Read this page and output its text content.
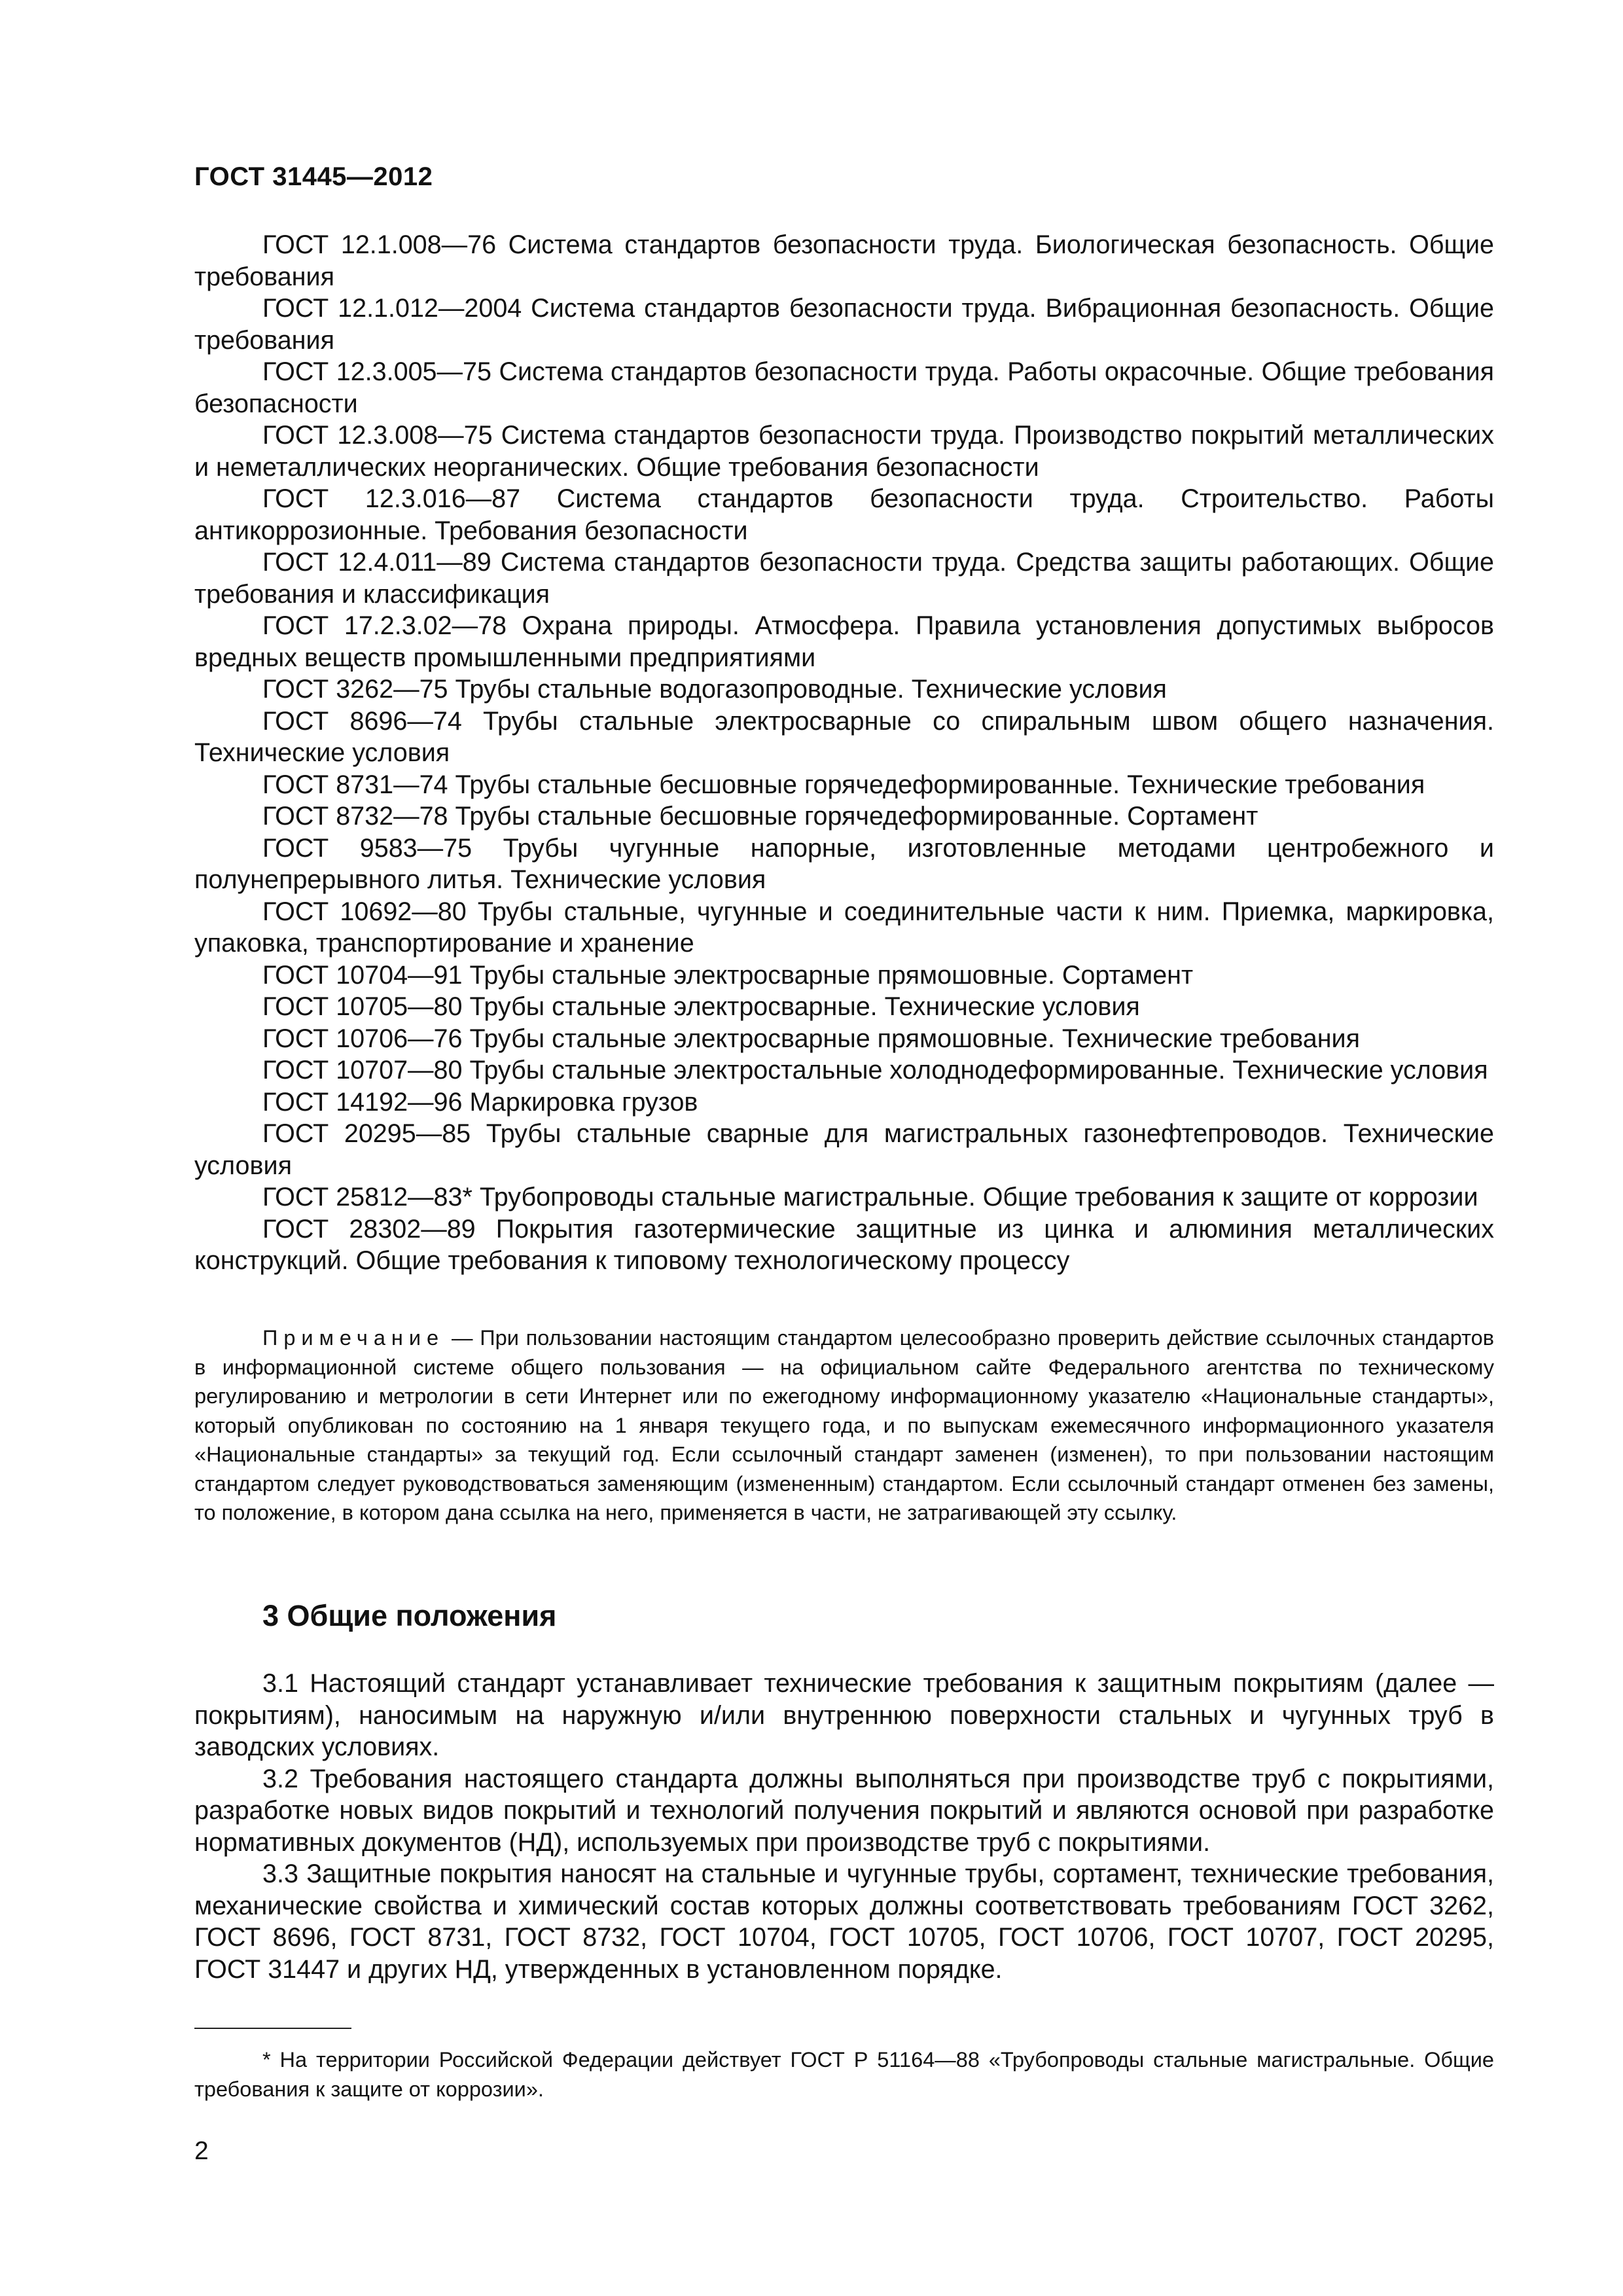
ГОСТ 31445—2012

ГОСТ 12.1.008—76 Система стандартов безопасности труда. Биологическая безопасность. Общие требования

ГОСТ 12.1.012—2004 Система стандартов безопасности труда. Вибрационная безопасность. Общие требования

ГОСТ 12.3.005—75 Система стандартов безопасности труда. Работы окрасочные. Общие требования безопасности

ГОСТ 12.3.008—75 Система стандартов безопасности труда. Производство покрытий металлических и неметаллических неорганических. Общие требования безопасности

ГОСТ 12.3.016—87 Система стандартов безопасности труда. Строительство. Работы антикоррозионные. Требования безопасности

ГОСТ 12.4.011—89 Система стандартов безопасности труда. Средства защиты работающих. Общие требования и классификация

ГОСТ 17.2.3.02—78 Охрана природы. Атмосфера. Правила установления допустимых выбросов вредных веществ промышленными предприятиями

ГОСТ 3262—75 Трубы стальные водогазопроводные. Технические условия

ГОСТ 8696—74 Трубы стальные электросварные со спиральным швом общего назначения. Технические условия

ГОСТ 8731—74 Трубы стальные бесшовные горячедеформированные. Технические требования

ГОСТ 8732—78 Трубы стальные бесшовные горячедеформированные. Сортамент

ГОСТ 9583—75 Трубы чугунные напорные, изготовленные методами центробежного и полунепрерывного литья. Технические условия

ГОСТ 10692—80 Трубы стальные, чугунные и соединительные части к ним. Приемка, маркировка, упаковка, транспортирование и хранение

ГОСТ 10704—91 Трубы стальные электросварные прямошовные. Сортамент

ГОСТ 10705—80 Трубы стальные электросварные. Технические условия

ГОСТ 10706—76 Трубы стальные электросварные прямошовные. Технические требования

ГОСТ 10707—80 Трубы стальные электростальные холоднодеформированные. Технические условия

ГОСТ 14192—96 Маркировка грузов

ГОСТ 20295—85 Трубы стальные сварные для магистральных газонефтепроводов. Технические условия

ГОСТ 25812—83* Трубопроводы стальные магистральные. Общие требования к защите от коррозии

ГОСТ 28302—89 Покрытия газотермические защитные из цинка и алюминия металлических конструкций. Общие требования к типовому технологическому процессу

Примечание — При пользовании настоящим стандартом целесообразно проверить действие ссылочных стандартов в информационной системе общего пользования — на официальном сайте Федерального агентства по техническому регулированию и метрологии в сети Интернет или по ежегодному информационному указателю «Национальные стандарты», который опубликован по состоянию на 1 января текущего года, и по выпускам ежемесячного информационного указателя «Национальные стандарты» за текущий год. Если ссылочный стандарт заменен (изменен), то при пользовании настоящим стандартом следует руководствоваться заменяющим (измененным) стандартом. Если ссылочный стандарт отменен без замены, то положение, в котором дана ссылка на него, применяется в части, не затрагивающей эту ссылку.

3 Общие положения

3.1 Настоящий стандарт устанавливает технические требования к защитным покрытиям (далее — покрытиям), наносимым на наружную и/или внутреннюю поверхности стальных и чугунных труб в заводских условиях.

3.2 Требования настоящего стандарта должны выполняться при производстве труб с покрытиями, разработке новых видов покрытий и технологий получения покрытий и являются основой при разработке нормативных документов (НД), используемых при производстве труб с покрытиями.

3.3 Защитные покрытия наносят на стальные и чугунные трубы, сортамент, технические требования, механические свойства и химический состав которых должны соответствовать требованиям ГОСТ 3262, ГОСТ 8696, ГОСТ 8731, ГОСТ 8732, ГОСТ 10704, ГОСТ 10705, ГОСТ 10706, ГОСТ 10707, ГОСТ 20295, ГОСТ 31447 и других НД, утвержденных в установленном порядке.

* На территории Российской Федерации действует ГОСТ Р 51164—88 «Трубопроводы стальные магистральные. Общие требования к защите от коррозии».

2
